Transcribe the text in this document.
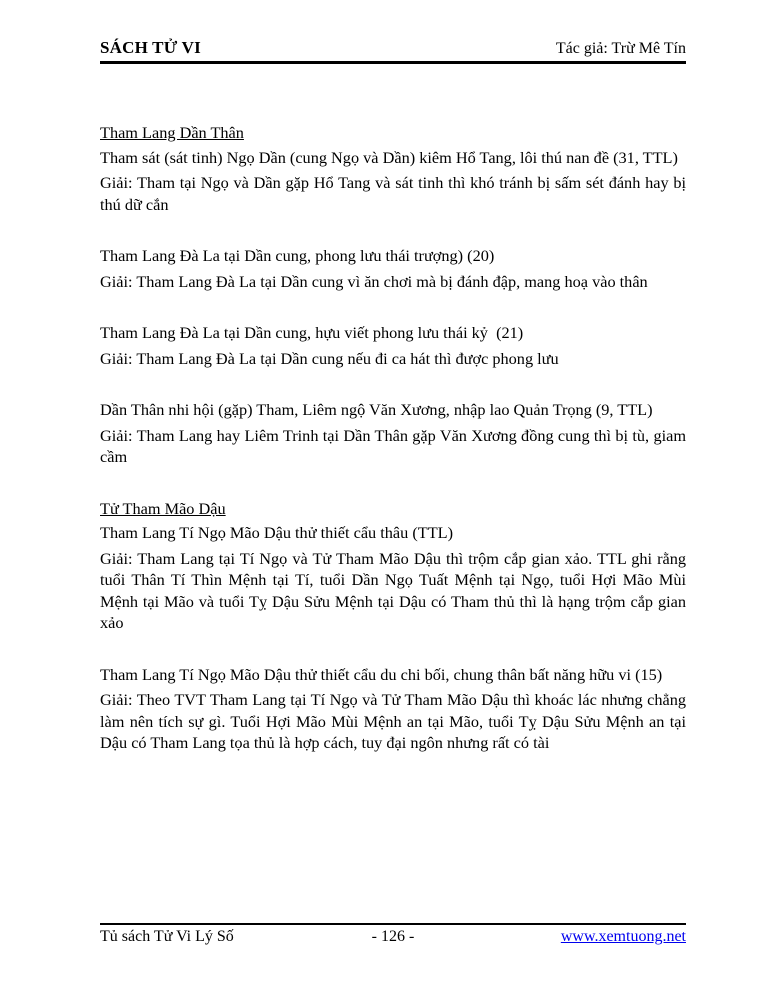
SÁCH TỬ VI	Tác giả: Trừ Mê Tín

Tham Lang Dần Thân

Tham sát (sát tinh) Ngọ Dần (cung Ngọ và Dần) kiêm Hổ Tang, lôi thú nan đề (31, TTL)

Giải: Tham tại Ngọ và Dần gặp Hổ Tang và sát tinh thì khó tránh bị sấm sét đánh hay bị thú dữ cắn

Tham Lang Đà La tại Dần cung, phong lưu thái trượng) (20)

Giải: Tham Lang Đà La tại Dần cung vì ăn chơi mà bị đánh đập, mang hoạ vào thân

Tham Lang Đà La tại Dần cung, hựu viết phong lưu thái kỷ  (21)

Giải: Tham Lang Đà La tại Dần cung nếu đi ca hát thì được phong lưu

Dần Thân nhi hội (gặp) Tham, Liêm ngộ Văn Xương, nhập lao Quản Trọng (9, TTL)

Giải: Tham Lang hay Liêm Trinh tại Dần Thân gặp Văn Xương đồng cung thì bị tù, giam cầm

Tử Tham Mão Dậu

Tham Lang Tí Ngọ Mão Dậu thử thiết cẩu thâu (TTL)

Giải: Tham Lang tại Tí Ngọ và Tử Tham Mão Dậu thì trộm cắp gian xảo. TTL ghi rằng tuổi Thân Tí Thìn Mệnh tại Tí, tuổi Dần Ngọ Tuất Mệnh tại Ngọ, tuổi Hợi Mão Mùi Mệnh tại Mão và tuổi Tỵ Dậu Sửu Mệnh tại Dậu có Tham thủ thì là hạng trộm cắp gian xảo

Tham Lang Tí Ngọ Mão Dậu thử thiết cẩu du chi bối, chung thân bất năng hữu vi (15)

Giải: Theo TVT Tham Lang tại Tí Ngọ và Tử Tham Mão Dậu thì khoác lác nhưng chẳng làm nên tích sự gì. Tuổi Hợi Mão Mùi Mệnh an tại Mão, tuổi Tỵ Dậu Sửu Mệnh an tại Dậu có Tham Lang tọa thủ là hợp cách, tuy đại ngôn nhưng rất có tài

Tủ sách Tử Vi Lý Số	- 126 -	www.xemtuong.net
